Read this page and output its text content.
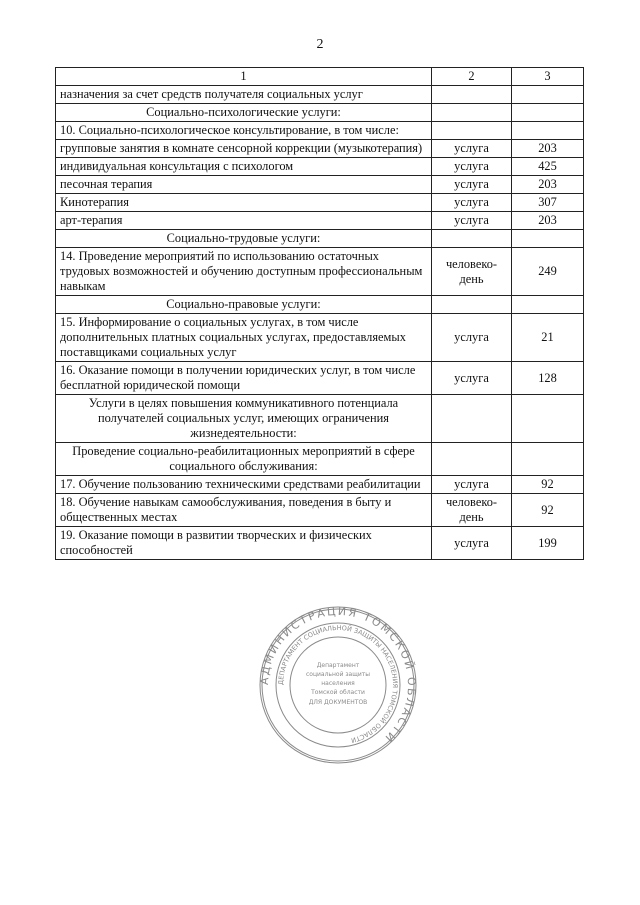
2
1	2	3
назначения за счет средств получателя социальных услуг		
Социально-психологические услуги:		
10. Социально-психологическое консультирование, в том числе:		
групповые занятия в комнате сенсорной коррекции (музыкотерапия)	услуга	203
индивидуальная консультация с психологом	услуга	425
песочная терапия	услуга	203
Кинотерапия	услуга	307
арт-терапия	услуга	203
Социально-трудовые услуги:		
14. Проведение мероприятий по использованию остаточных трудовых возможностей и обучению доступным профессиональным навыкам	человеко-день	249
Социально-правовые услуги:		
15. Информирование о социальных услугах, в том числе дополнительных платных социальных услугах, предоставляемых поставщиками социальных услуг	услуга	21
16. Оказание помощи в получении юридических услуг, в том числе бесплатной юридической помощи	услуга	128
Услуги в целях повышения коммуникативного потенциала получателей социальных услуг, имеющих ограничения жизнедеятельности:		
Проведение социально-реабилитационных мероприятий в сфере социального обслуживания:		
17. Обучение пользованию техническими средствами реабилитации	услуга	92
18. Обучение навыкам самообслуживания, поведения в быту и общественных местах	человеко-день	92
19. Оказание помощи в развитии творческих и физических способностей	услуга	199
АДМИНИСТРАЦИЯ ТОМСКОЙ ОБЛАСТИ
ДЕПАРТАМЕНТ СОЦИАЛЬНОЙ ЗАЩИТЫ НАСЕЛЕНИЯ ТОМСКОЙ ОБЛАСТИ
Департамент
социальной защиты
населения
Томской области
ДЛЯ ДОКУМЕНТОВ
